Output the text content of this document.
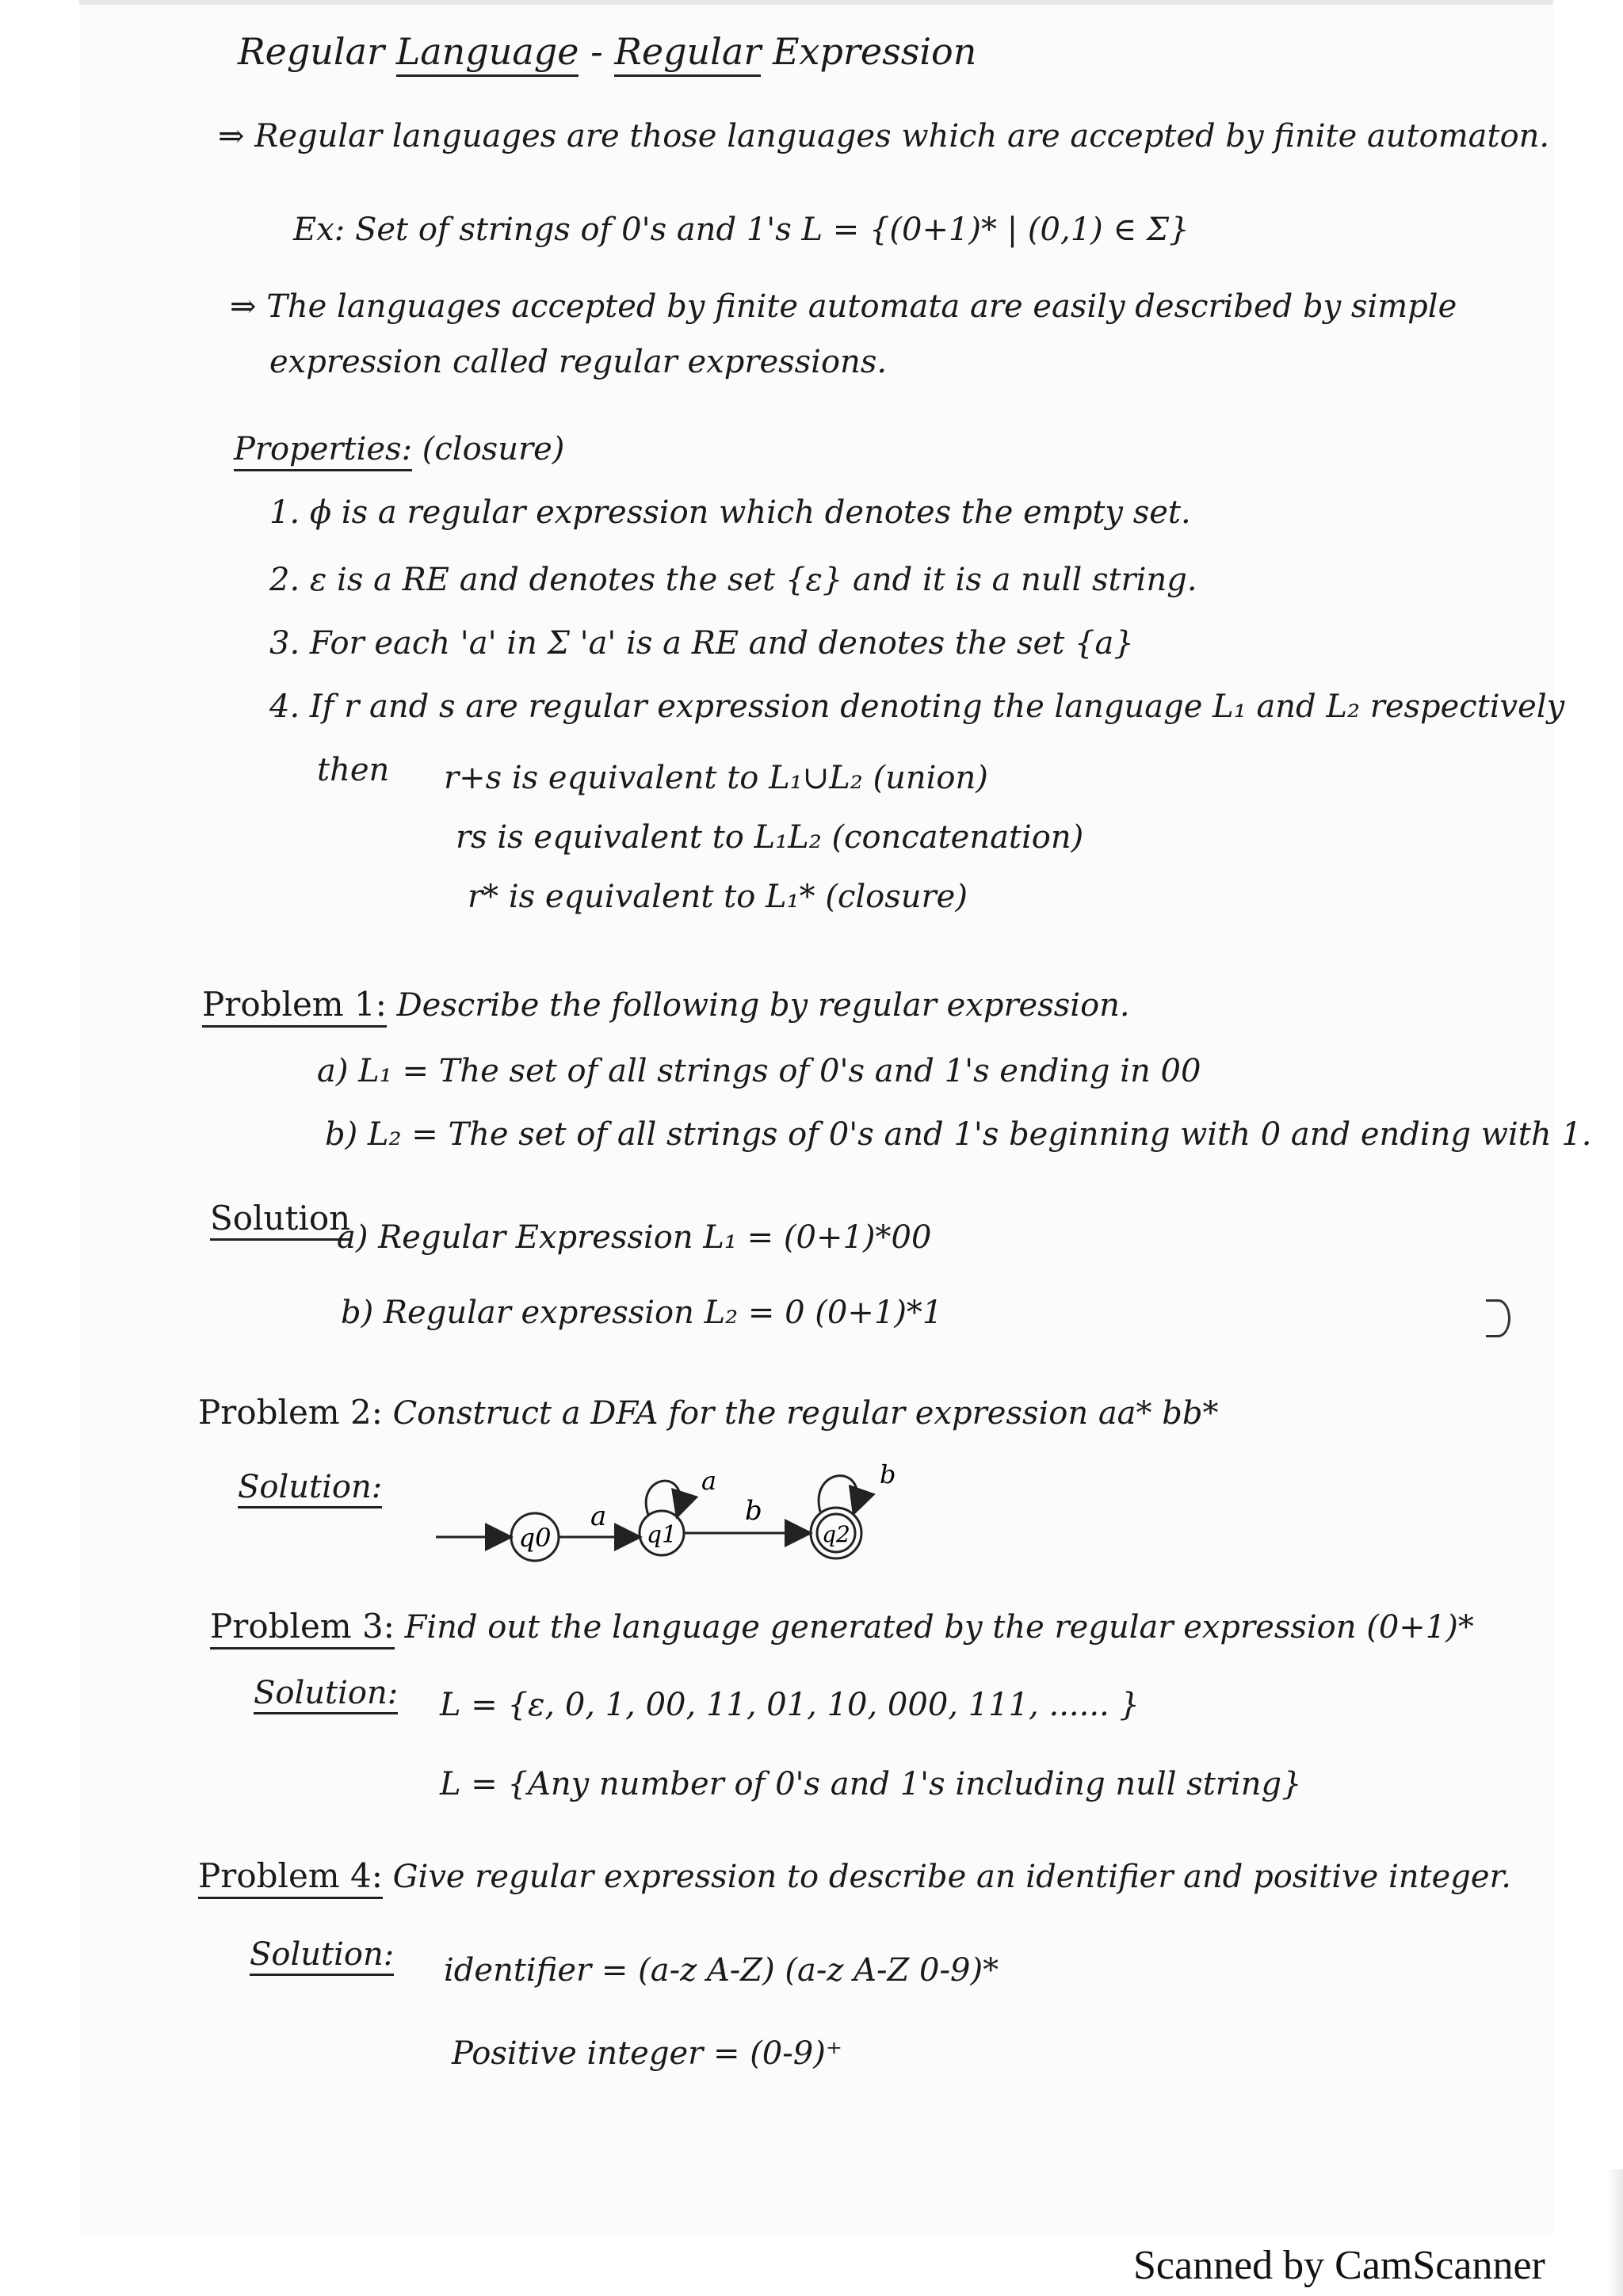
Regular Language - Regular Expression
⇒ Regular languages are those languages which are accepted by finite automaton.
Ex: Set of strings of 0's and 1's L = {(0+1)* | (0,1) ∈ Σ}
⇒ The languages accepted by finite automata are easily described by simple
expression called regular expressions.
Properties: (closure)
1. ϕ is a regular expression which denotes the empty set.
2. ε is a RE and denotes the set {ε} and it is a null string.
3. For each 'a' in Σ 'a' is a RE and denotes the set {a}
4. If r and s are regular expression denoting the language L₁ and L₂ respectively
then r+s is equivalent to L₁∪L₂ (union)
rs is equivalent to L₁L₂ (concatenation)
r* is equivalent to L₁* (closure)
Problem 1: Describe the following by regular expression.
a) L₁ = The set of all strings of 0's and 1's ending in 00
b) L₂ = The set of all strings of 0's and 1's beginning with 0 and ending with 1.
Solution
a) Regular Expression L₁ = (0+1)*00
b) Regular expression L₂ = 0 (0+1)*1
Problem 2: Construct a DFA for the regular expression aa* bb*
Solution:
q0
a
q1
a
b
q2
b
Problem 3: Find out the language generated by the regular expression (0+1)*
Solution: L = {ε, 0, 1, 00, 11, 01, 10, 000, 111, ...... }
L = {Any number of 0's and 1's including null string}
Problem 4: Give regular expression to describe an identifier and positive integer.
Solution: identifier = (a-z A-Z) (a-z A-Z 0-9)*
Positive integer = (0-9)⁺
Scanned by CamScanner
